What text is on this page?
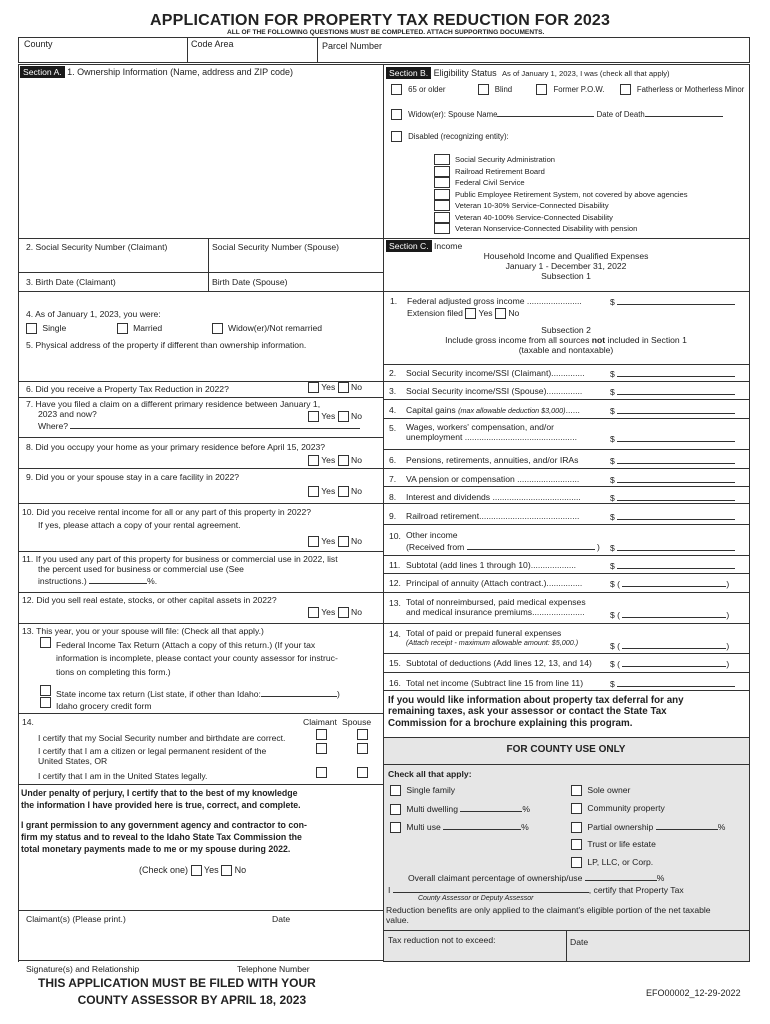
APPLICATION FOR PROPERTY TAX REDUCTION FOR 2023
ALL OF THE FOLLOWING QUESTIONS MUST BE COMPLETED. ATTACH SUPPORTING DOCUMENTS.
County	Code Area	Parcel Number
Section A. 1. Ownership Information (Name, address and ZIP code)
2. Social Security Number (Claimant)	Social Security Number (Spouse)
3. Birth Date (Claimant)	Birth Date (Spouse)
4. As of January 1, 2023, you were:
Single	Married	Widow(er)/Not remarried
5. Physical address of the property if different than ownership information.
6. Did you receive a Property Tax Reduction in 2022?	Yes No
7. Have you filed a claim on a different primary residence between January 1,
2023 and now?
Where?
Yes No
8. Did you occupy your home as your primary residence before April 15, 2023?
Yes No
9. Did you or your spouse stay in a care facility in 2022?
Yes No
10. Did you receive rental income for all or any part of this property in 2022?
If yes, please attach a copy of your rental agreement.
Yes No
11. If you used any part of this property for business or commercial use in 2022, list
the percent used for business or commercial use (See
instructions.)	%.
12. Did you sell real estate, stocks, or other capital assets in 2022?
Yes No
13. This year, you or your spouse will file: (Check all that apply.)
Federal Income Tax Return (Attach a copy of this return.) (If your tax
information is incomplete, please contact your county assessor for instruc-
tions on completing this form.)
State income tax return (List state, if other than Idaho:	)
Idaho grocery credit form
14.	Claimant Spouse
I certify that my Social Security number and birthdate are correct.
I certify that I am a citizen or legal permanent resident of the
United States, OR
I certify that I am in the United States legally.
Under penalty of perjury, I certify that to the best of my knowledge
the information I have provided here is true, correct, and complete.
I grant permission to any government agency and contractor to con-
firm my status and to reveal to the Idaho State Tax Commission the
total monetary payments made to me or my spouse during 2022.
(Check one) Yes No
Claimant(s) (Please print.)	Date
Signature(s) and Relationship	Telephone Number
THIS APPLICATION MUST BE FILED WITH YOUR
COUNTY ASSESSOR BY APRIL 18, 2023
EFO00002_12-29-2022
Section B. Eligibility Status As of January 1, 2023, I was (check all that apply)
65 or older	Blind	Former P.O.W.	Fatherless or Motherless Minor
Widow(er): Spouse Name	Date of Death
Disabled (recognizing entity):
Social Security Administration
Railroad Retirement Board
Federal Civil Service
Public Employee Retirement System, not covered by above agencies
Veteran 10-30% Service-Connected Disability
Veteran 40-100% Service-Connected Disability
Veteran Nonservice-Connected Disability with pension
Section C. Income
Household Income and Qualified Expenses
January 1 - December 31, 2022
Subsection 1
1. Federal adjusted gross income .......................	$
Extension filed Yes No
Subsection 2
Include gross income from all sources not included in Section 1
(taxable and nontaxable)
2. Social Security income/SSI (Claimant)..............	$
3. Social Security income/SSI (Spouse)...............	$
4. Capital gains (max allowable deduction $3,000)......	$
5. Wages, workers' compensation, and/or
unemployment ...............................................	$
6. Pensions, retirements, annuities, and/or IRAs	$
7. VA pension or compensation ..........................	$
8. Interest and dividends .....................................	$
9. Railroad retirement..........................................	$
10. Other income
(Received from	) $
11. Subtotal (add lines 1 through 10)...................	$
12. Principal of annuity (Attach contract.)...............	$ (	)
13. Total of nonreimbursed, paid medical expenses
and medical insurance premiums......................	$ (	)
14. Total of paid or prepaid funeral expenses
(Attach receipt - maximum allowable amount: $5,000.)	$ (	)
15. Subtotal of deductions (Add lines 12, 13, and 14) $ (	)
16. Total net income (Subtract line 15 from line 11)	$
If you would like information about property tax deferral for any
remaining taxes, ask your assessor or contact the State Tax
Commission for a brochure explaining this program.
FOR COUNTY USE ONLY
Check all that apply:
Single family
Multi dwelling	%
Multi use	%
Sole owner
Community property
Partial ownership	%
Trust or life estate
LP, LLC, or Corp.
Overall claimant percentage of ownership/use	%
I	, certify that Property Tax
County Assessor or Deputy Assessor
Reduction benefits are only applied to the claimant's eligible portion of the net taxable
value.
Tax reduction not to exceed:	Date
